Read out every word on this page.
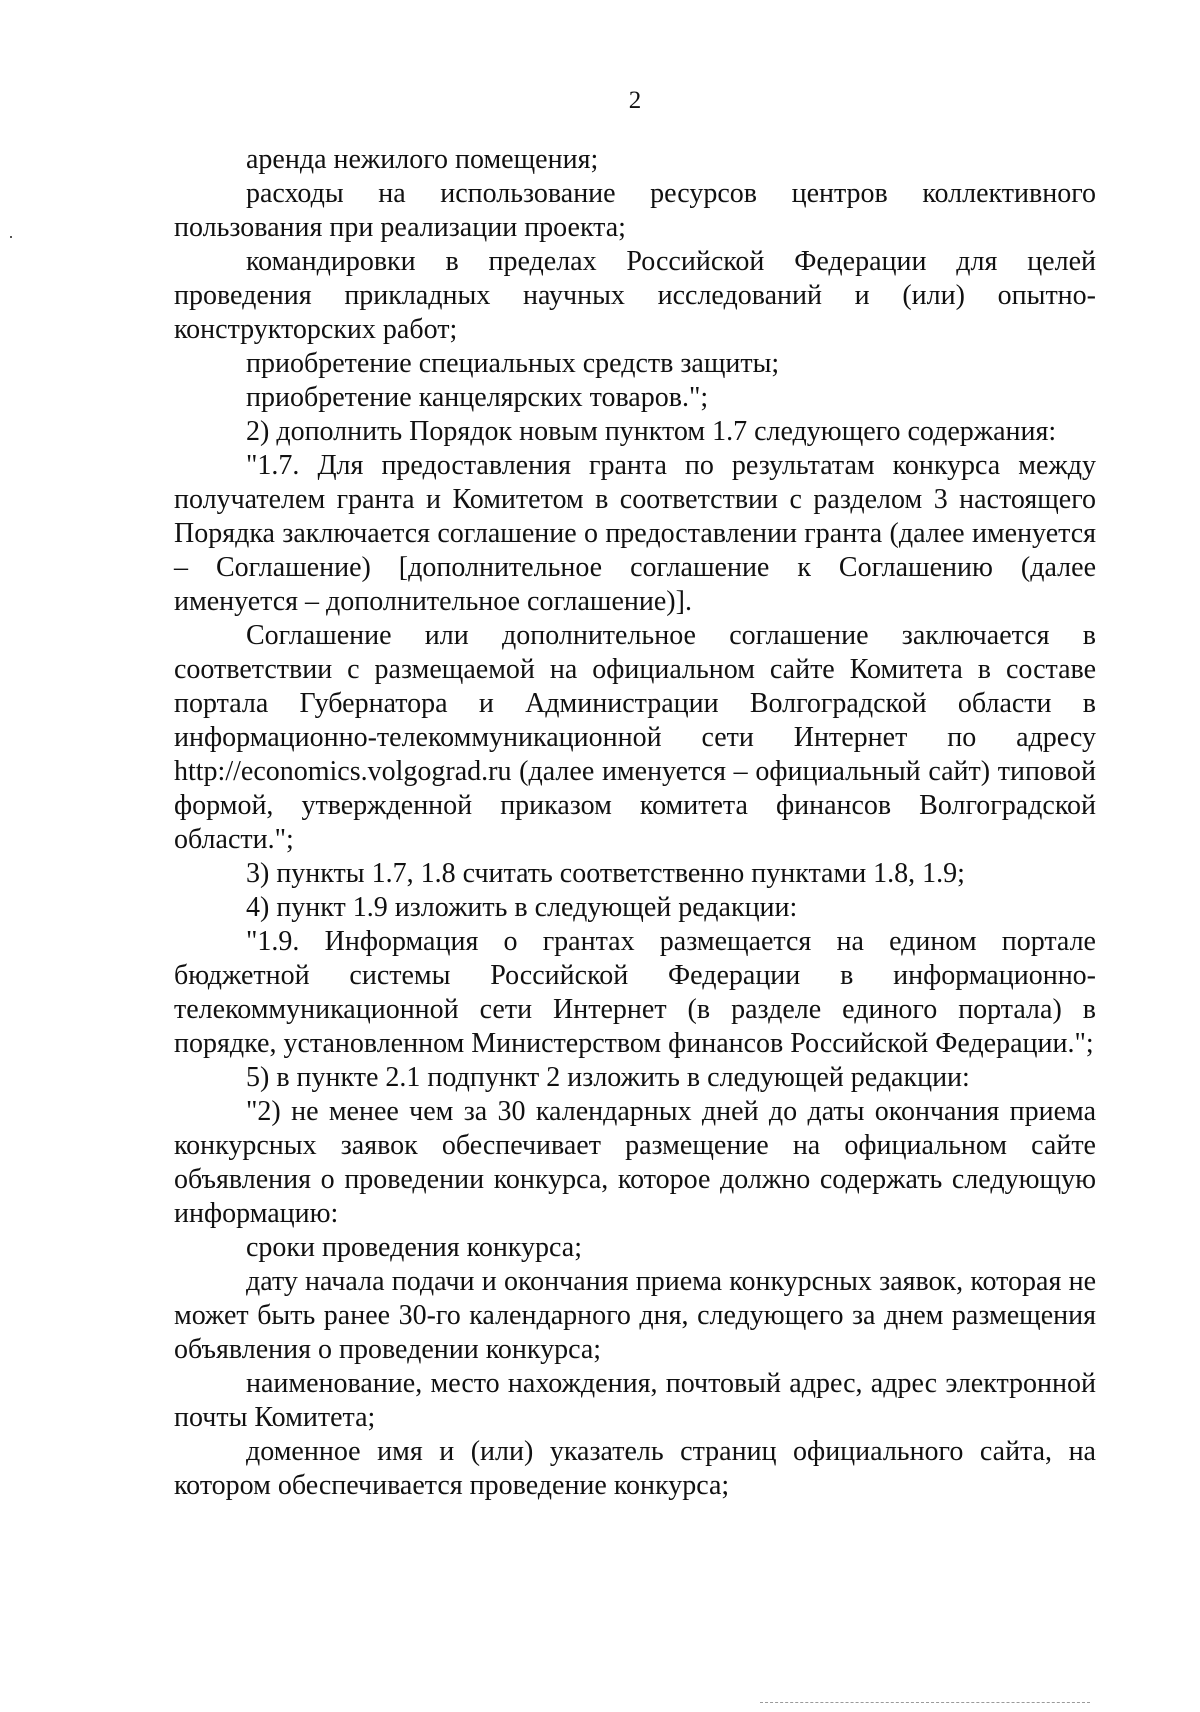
2

аренда нежилого помещения;

расходы на использование ресурсов центров коллективного пользования при реализации проекта;

командировки в пределах Российской Федерации для целей проведения прикладных научных исследований и (или) опытно-конструкторских работ;

приобретение специальных средств защиты;

приобретение канцелярских товаров.";

2) дополнить Порядок новым пунктом 1.7 следующего содержания:

"1.7. Для предоставления гранта по результатам конкурса между получателем гранта и Комитетом в соответствии с разделом 3 настоящего Порядка заключается соглашение о предоставлении гранта (далее именуется – Соглашение) [дополнительное соглашение к Соглашению (далее именуется – дополнительное соглашение)].

Соглашение или дополнительное соглашение заключается в соответствии с размещаемой на официальном сайте Комитета в составе портала Губернатора и Администрации Волгоградской области в информационно-телекоммуникационной сети Интернет по адресу http://economics.volgograd.ru (далее именуется – официальный сайт) типовой формой, утвержденной приказом комитета финансов Волгоградской области.";

3) пункты 1.7, 1.8 считать соответственно пунктами 1.8, 1.9;

4) пункт 1.9 изложить в следующей редакции:

"1.9. Информация о грантах размещается на едином портале бюджетной системы Российской Федерации в информационно-телекоммуникационной сети Интернет (в разделе единого портала) в порядке, установленном Министерством финансов Российской Федерации.";

5) в пункте 2.1 подпункт 2 изложить в следующей редакции:

"2) не менее чем за 30 календарных дней до даты окончания приема конкурсных заявок обеспечивает размещение на официальном сайте объявления о проведении конкурса, которое должно содержать следующую информацию:

сроки проведения конкурса;

дату начала подачи и окончания приема конкурсных заявок, которая не может быть ранее 30-го календарного дня, следующего за днем размещения объявления о проведении конкурса;

наименование, место нахождения, почтовый адрес, адрес электронной почты Комитета;

доменное имя и (или) указатель страниц официального сайта, на котором обеспечивается проведение конкурса;
